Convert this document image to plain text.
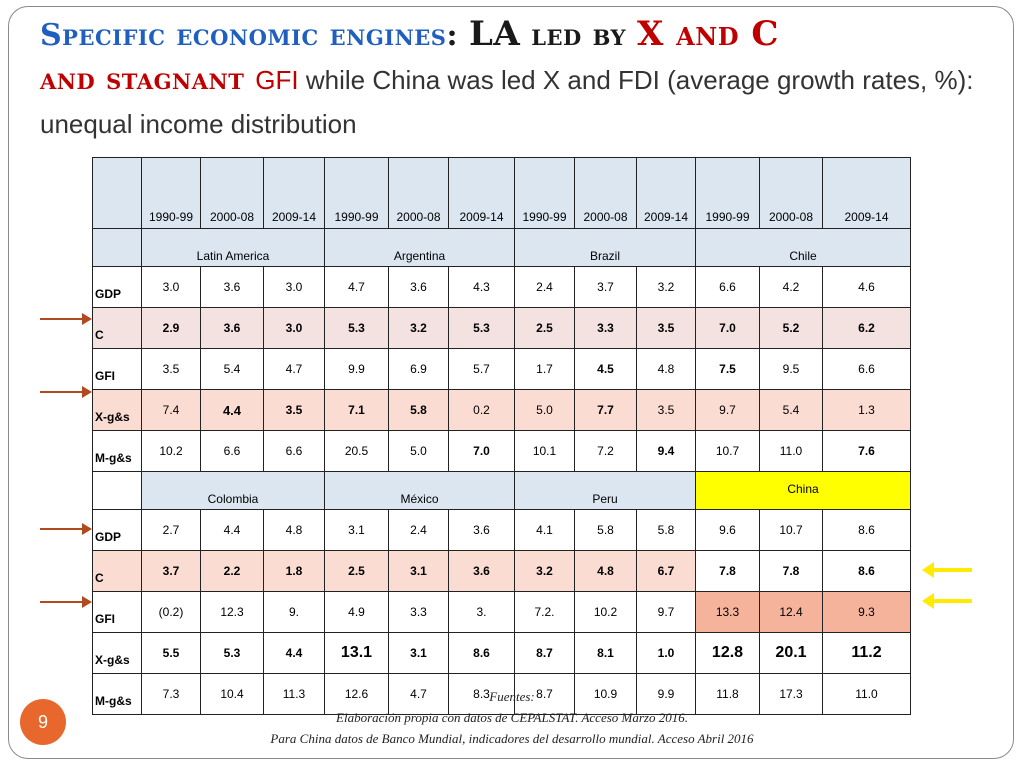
Specific economic engines: LA led by X and C
and stagnant GFI while China was led X and FDI (average growth rates, %): unequal income distribution
	1990-99	2000-08	2009-14	1990-99	2000-08	2009-14	1990-99	2000-08	2009-14	1990-99	2000-08	2009-14
	Latin America			Argentina			Brazil			Chile		
GDP	3.0	3.6	3.0	4.7	3.6	4.3	2.4	3.7	3.2	6.6	4.2	4.6
C	2.9	3.6	3.0	5.3	3.2	5.3	2.5	3.3	3.5	7.0	5.2	6.2
GFI	3.5	5.4	4.7	9.9	6.9	5.7	1.7	4.5	4.8	7.5	9.5	6.6
X-g&s	7.4	4.4	3.5	7.1	5.8	0.2	5.0	7.7	3.5	9.7	5.4	1.3
M-g&s	10.2	6.6	6.6	20.5	5.0	7.0	10.1	7.2	9.4	10.7	11.0	7.6
	Colombia			México			Peru			China		
GDP	2.7	4.4	4.8	3.1	2.4	3.6	4.1	5.8	5.8	9.6	10.7	8.6
C	3.7	2.2	1.8	2.5	3.1	3.6	3.2	4.8	6.7	7.8	7.8	8.6
GFI	(0.2)	12.3	9.	4.9	3.3	3.	7.2.	10.2	9.7	13.3	12.4	9.3
X-g&s	5.5	5.3	4.4	13.1	3.1	8.6	8.7	8.1	1.0	12.8	20.1	11.2
M-g&s	7.3	10.4	11.3	12.6	4.7	8.3	8.7	10.9	9.9	11.8	17.3	11.0
Fuentes:
Elaboración propia con datos de CEPALSTAT. Acceso Marzo 2016.
Para China datos de Banco Mundial, indicadores del desarrollo mundial. Acceso Abril 2016
9
